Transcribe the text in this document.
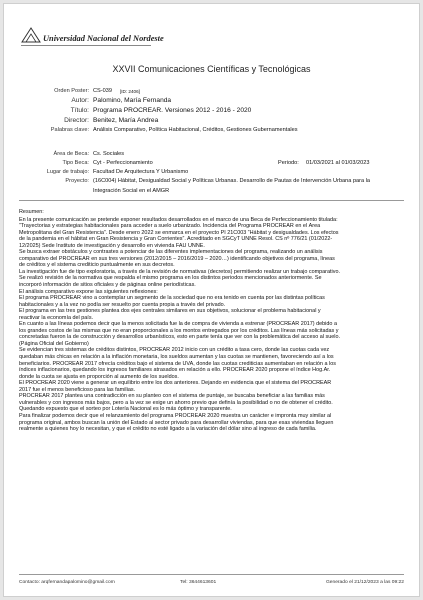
Universidad Nacional del Nordeste
XXVII Comunicaciones Científicas y Tecnológicas
Orden Poster: CS-039 [ID: 2406]
Autor: Palomino, María Fernanda
Título: Programa PROCREAR. Versiones 2012 - 2016 - 2020
Director: Benitez, María Andrea
Palabras clave: Análisis Comparativo, Política Habitacional, Créditos, Gestiones Gubernamentales
Área de Beca: Cs. Sociales
Tipo Beca: Cyt - Perfeccionamiento	Periodo: 01/03/2021 al 01/03/2023
Lugar de trabajo: Facultad De Arquitectura Y Urbanismo
Proyecto: (16C004) Hábitat, Desigualdad Social y Políticas Urbanas. Desarrollo de Pautas de Intervención Urbana para la
Integración Social en el AMGR

Resumen:

En la presente comunicación se pretende exponer resultados desarrollados en el marco de una Beca de Perfeccionamiento titulada:

“Trayectorias y estrategias habitacionales para acceder a suelo urbanizado. Incidencia del Programa PROCREAR en el Área

Metropolitana del Gran Resistencia”. Desde enero 2022 se enmarca en el proyecto PI 21C003 “Hábitat y desigualdades. Los efectos

de la pandemia en el hábitat en Gran Resistencia y Gran Corrientes”. Acreditado en SGCyT UNNE Resol. CS nº 776/21 (01/2022-

12/2025) Sede Instituto de investigación y desarrollo en vivienda FAU UNNE.

Se busca extraer obstáculos y contrastes a potenciar de las diferentes implementaciones del programa, realizando un análisis

comparativo del PROCREAR en sus tres versiones (2012/2015 – 2016/2019 – 2020…) identificando objetivos del programa, líneas

de créditos y el sistema crediticio puntualmente en sus decretos.

La investigación fue de tipo exploratoria, a través de la revisión de normativas (decretos) permitiendo realizar un trabajo comparativo.

Se realizó revisión de la normativa que respalda el mismo programa en los distintos periodos mencionados anteriormente. Se

incorporó información de sitios oficiales y de páginas online periodísticas.

El análisis comparativo expone las siguientes reflexiones:

El programa PROCREAR vino a contemplar un segmento de la sociedad que no era tenido en cuenta por las distintas políticas

habitacionales y a la vez no podía ser resuelto por cuenta propia a través del privado.

El programa en las tres gestiones plantea dos ejes centrales similares en sus objetivos, solucionar el problema habitacional y

reactivar la economía del país.

En cuanto a las líneas podemos decir que la menos solicitada fue la de compra de vivienda a estrenar (PROCREAR 2017) debido a

los grandes costos de las mismas que no eran proporcionales a los montos entregados por los créditos. Las líneas más solicitadas y

concretadas fueron la de construcción y desarrollos urbanísticos, esto en parte tenía que ver con la problemática del acceso al suelo.

(Página Oficial del Gobierno)

Se evidencian tres sistemas de créditos distintos, PROCREAR 2012 inicio con un crédito a tasa cero, donde las cuotas cada vez

quedaban más chicas en relación a la inflación monetaria, los sueldos aumentan y las cuotas se mantienen, favoreciendo así a los

beneficiarios. PROCREAR 2017 ofrecía créditos bajo el sistema de UVA, donde las cuotas crediticias aumentaban en relación a los

índices inflacionarios, quedando los ingresos familiares atrasados en relación a ello. PROCREAR 2020 propone el índice Hog.Ar.

donde la cuota se ajusta en proporción al aumento de los sueldos.

El PROCREAR 2020 viene a generar un equilibrio entre los dos anteriores. Dejando en evidencia que el sistema del PROCREAR

2017 fue el menos beneficioso para las familias.

PROCREAR 2017 plantea una contradicción en su planteo con el sistema de puntaje, se buscaba beneficiar a las familias más

vulnerables y con ingresos más bajos, pero a la vez se exige un ahorro previo que definía la posibilidad o no de obtener el crédito.

Quedando expuesto que el sorteo por Lotería Nacional es lo más óptimo y transparente.

Para finalizar podemos decir que el relanzamiento del programa PROCREAR 2020 muestra un carácter e impronta muy similar al

programa original, ambos buscan la unión del Estado al sector privado para desarrollar viviendas, para que esas viviendas lleguen

realmente a quienes hoy lo necesitan, y que el crédito no esté ligado a la variación del dólar sino al ingreso de cada familia.

Contacto: arqfernandapalomino@gmail.com	Tel: 3644613601	Generado el 21/12/2023 a las 09:22
